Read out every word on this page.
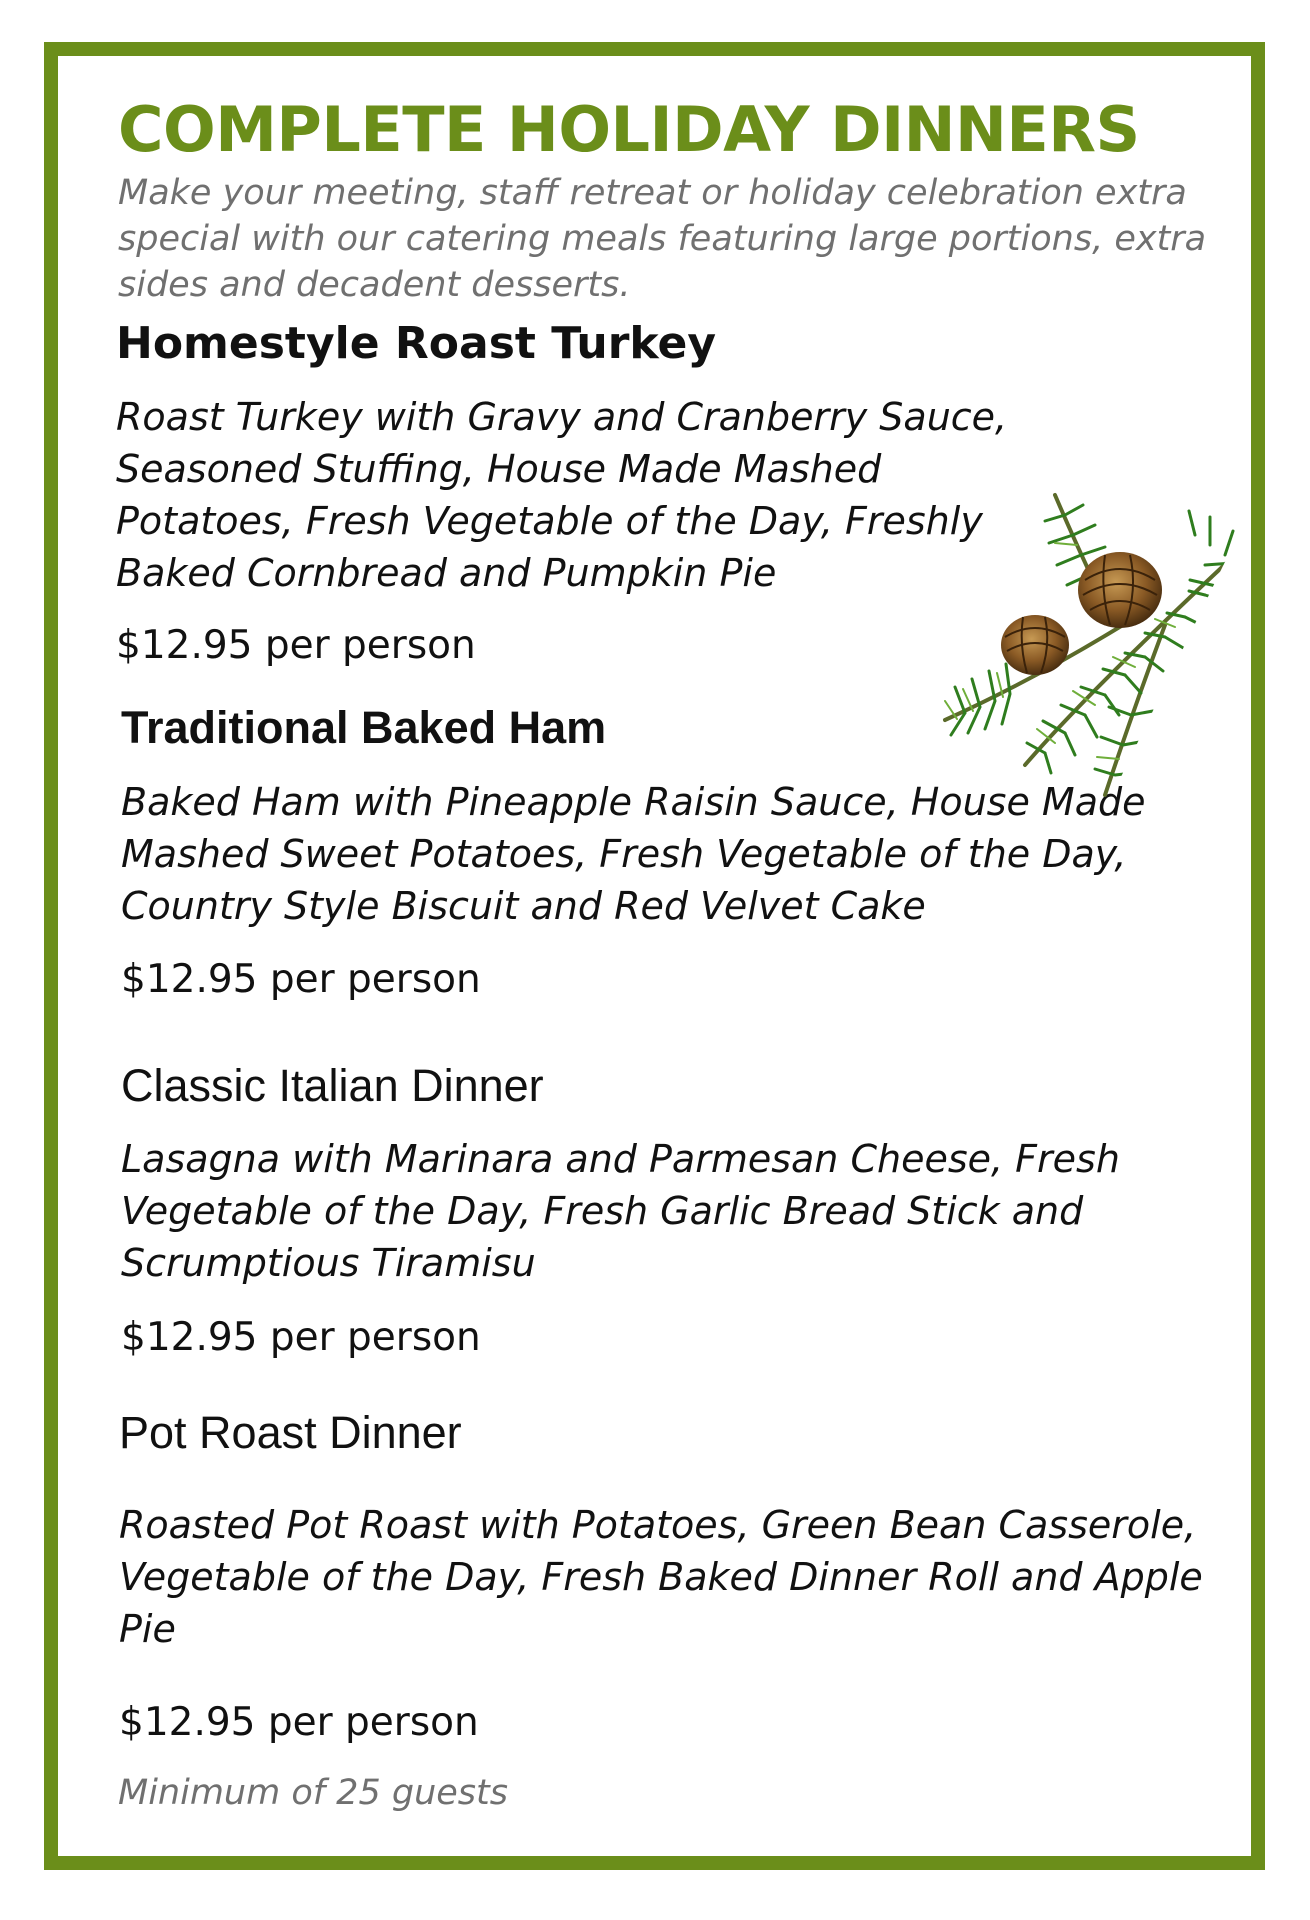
COMPLETE HOLIDAY DINNERS

Make your meeting, staff retreat or holiday celebration extra special with our catering meals featuring large portions, extra sides and decadent desserts.

Homestyle Roast Turkey

Roast Turkey with Gravy and Cranberry Sauce, Seasoned Stuffing, House Made Mashed Potatoes, Fresh Vegetable of the Day, Freshly Baked Cornbread and Pumpkin Pie

$12.95 per person

Traditional Baked Ham

Baked Ham with Pineapple Raisin Sauce, House Made Mashed Sweet Potatoes, Fresh Vegetable of the Day, Country Style Biscuit and Red Velvet Cake

$12.95 per person

Classic Italian Dinner

Lasagna with Marinara and Parmesan Cheese, Fresh Vegetable of the Day, Fresh Garlic Bread Stick and Scrumptious Tiramisu

$12.95 per person

Pot Roast Dinner

Roasted Pot Roast with Potatoes, Green Bean Casserole, Vegetable of the Day, Fresh Baked Dinner Roll and Apple Pie

$12.95 per person

Minimum of 25 guests
